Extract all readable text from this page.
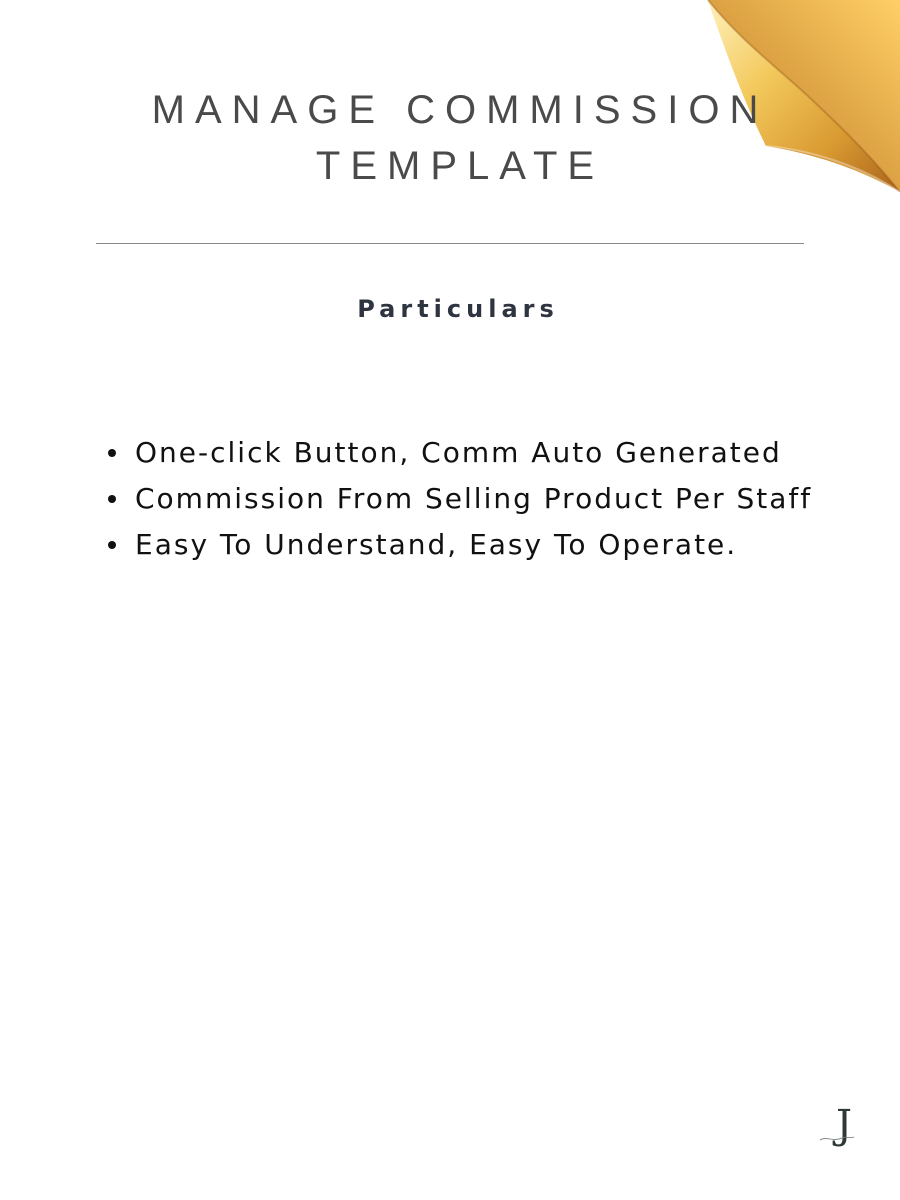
MANAGE COMMISSION
TEMPLATE
Particulars
One-click Button, Comm Auto Generated
Commission From Selling Product Per Staff
Easy To Understand, Easy To Operate.
J
